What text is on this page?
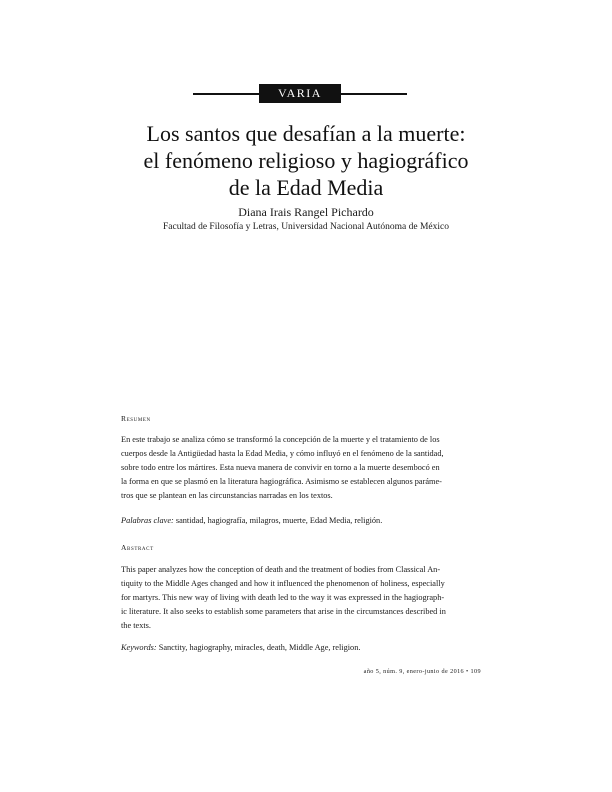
VARIA
Los santos que desafían a la muerte:
el fenómeno religioso y hagiográfico
de la Edad Media

Diana Irais Rangel Pichardo

Facultad de Filosofía y Letras, Universidad Nacional Autónoma de México

Resumen

En este trabajo se analiza cómo se transformó la concepción de la muerte y el tratamiento de los
cuerpos desde la Antigüedad hasta la Edad Media, y cómo influyó en el fenómeno de la santidad,
sobre todo entre los mártires. Esta nueva manera de convivir en torno a la muerte desembocó en
la forma en que se plasmó en la literatura hagiográfica. Asimismo se establecen algunos paráme-
tros que se plantean en las circunstancias narradas en los textos.

Palabras clave: santidad, hagiografía, milagros, muerte, Edad Media, religión.

Abstract

This paper analyzes how the conception of death and the treatment of bodies from Classical An-
tiquity to the Middle Ages changed and how it influenced the phenomenon of holiness, especially
for martyrs. This new way of living with death led to the way it was expressed in the hagiograph-
ic literature. It also seeks to establish some parameters that arise in the circumstances described in
the texts.

Keywords: Sanctity, hagiography, miracles, death, Middle Age, religion.

año 5, núm. 9, enero-junio de 2016 • 109
